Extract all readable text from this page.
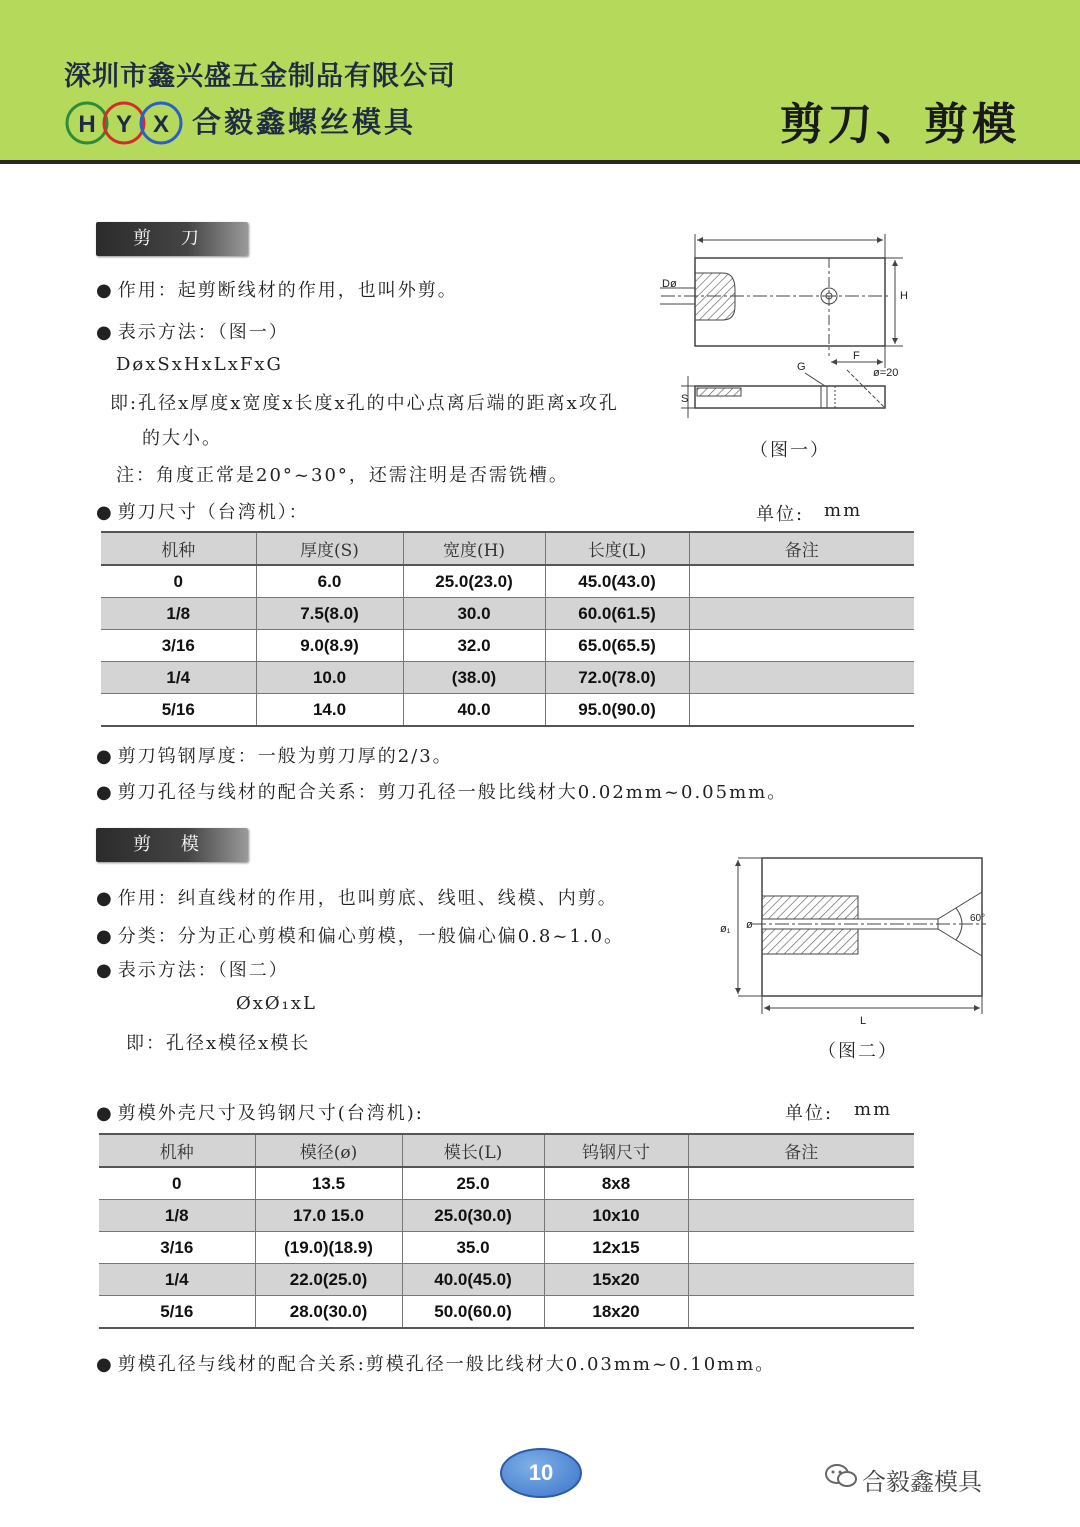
深圳市鑫兴盛五金制品有限公司
H Y X 合毅鑫螺丝模具	剪刀、剪模
剪 刀
● 作用：起剪断线材的作用，也叫外剪。
● 表示方法：（图一）
DøxSxHxLxFxG
即:孔径x厚度x宽度x长度x孔的中心点离后端的距离x攻孔
的大小。
注：角度正常是20°~30°，还需注明是否需铣槽。
● 剪刀尺寸（台湾机）：	单位: mm
Dø
H
F
ø=20
G
S
（图一）
机种	厚度(S)	宽度(H)	长度(L)	备注
0	6.0	25.0(23.0)	45.0(43.0)	
1/8	7.5(8.0)	30.0	60.0(61.5)	
3/16	9.0(8.9)	32.0	65.0(65.5)	
1/4	10.0	(38.0)	72.0(78.0)	
5/16	14.0	40.0	95.0(90.0)	
● 剪刀钨钢厚度：一般为剪刀厚的2/3。
● 剪刀孔径与线材的配合关系：剪刀孔径一般比线材大0.02mm~0.05mm。
剪 模
● 作用：纠直线材的作用，也叫剪底、线咀、线模、内剪。
● 分类：分为正心剪模和偏心剪模，一般偏心偏0.8~1.0。
● 表示方法：（图二）
ØxØ₁xL
即：孔径x模径x模长
60°
ø₁ ø
L
（图二）
● 剪模外壳尺寸及钨钢尺寸(台湾机):	单位: mm
机种	模径(ø)	模长(L)	钨钢尺寸	备注
0	13.5	25.0	8x8	
1/8	17.0 15.0	25.0(30.0)	10x10	
3/16	(19.0)(18.9)	35.0	12x15	
1/4	22.0(25.0)	40.0(45.0)	15x20	
5/16	28.0(30.0)	50.0(60.0)	18x20	
● 剪模孔径与线材的配合关系:剪模孔径一般比线材大0.03mm~0.10mm。
10	合毅鑫模具
